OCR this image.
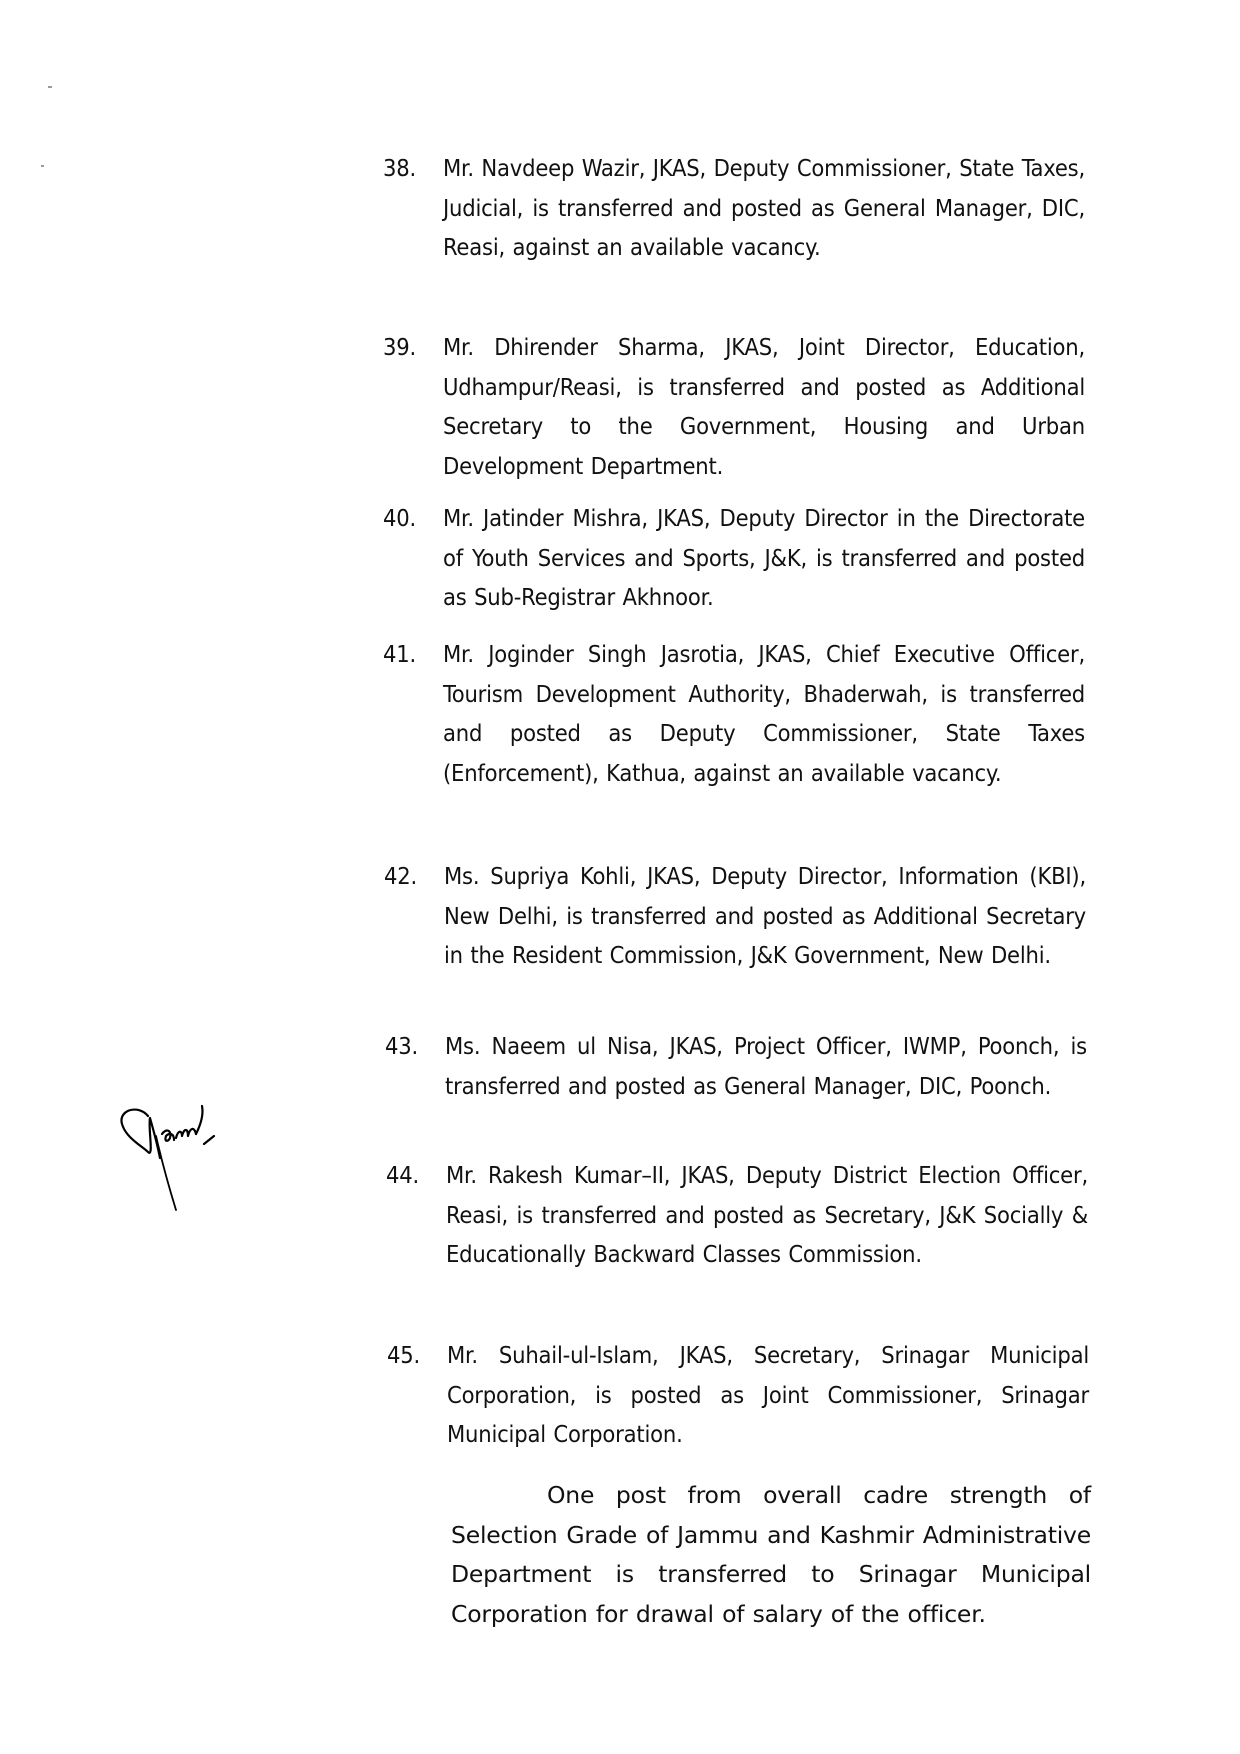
38.	Mr. Navdeep Wazir, JKAS, Deputy Commissioner, State Taxes, Judicial, is transferred and posted as General Manager, DIC, Reasi, against an available vacancy.
39.	Mr. Dhirender Sharma, JKAS, Joint Director, Education, Udhampur/Reasi, is transferred and posted as Additional Secretary to the Government, Housing and Urban Development Department.
40.	Mr. Jatinder Mishra, JKAS, Deputy Director in the Directorate of Youth Services and Sports, J&K, is transferred and posted as Sub-Registrar Akhnoor.
41.	Mr. Joginder Singh Jasrotia, JKAS, Chief Executive Officer, Tourism Development Authority, Bhaderwah, is transferred and posted as Deputy Commissioner, State Taxes (Enforcement), Kathua, against an available vacancy.
42.	Ms. Supriya Kohli, JKAS, Deputy Director, Information (KBI), New Delhi, is transferred and posted as Additional Secretary in the Resident Commission, J&K Government, New Delhi.
43.	Ms. Naeem ul Nisa, JKAS, Project Officer, IWMP, Poonch, is transferred and posted as General Manager, DIC, Poonch.
44.	Mr. Rakesh Kumar–II, JKAS, Deputy District Election Officer, Reasi, is transferred and posted as Secretary, J&K Socially & Educationally Backward Classes Commission.
45.	Mr. Suhail-ul-Islam, JKAS, Secretary, Srinagar Municipal Corporation, is posted as Joint Commissioner, Srinagar Municipal Corporation.
One post from overall cadre strength of Selection Grade of Jammu and Kashmir Administrative Department is transferred to Srinagar Municipal Corporation for drawal of salary of the officer.
